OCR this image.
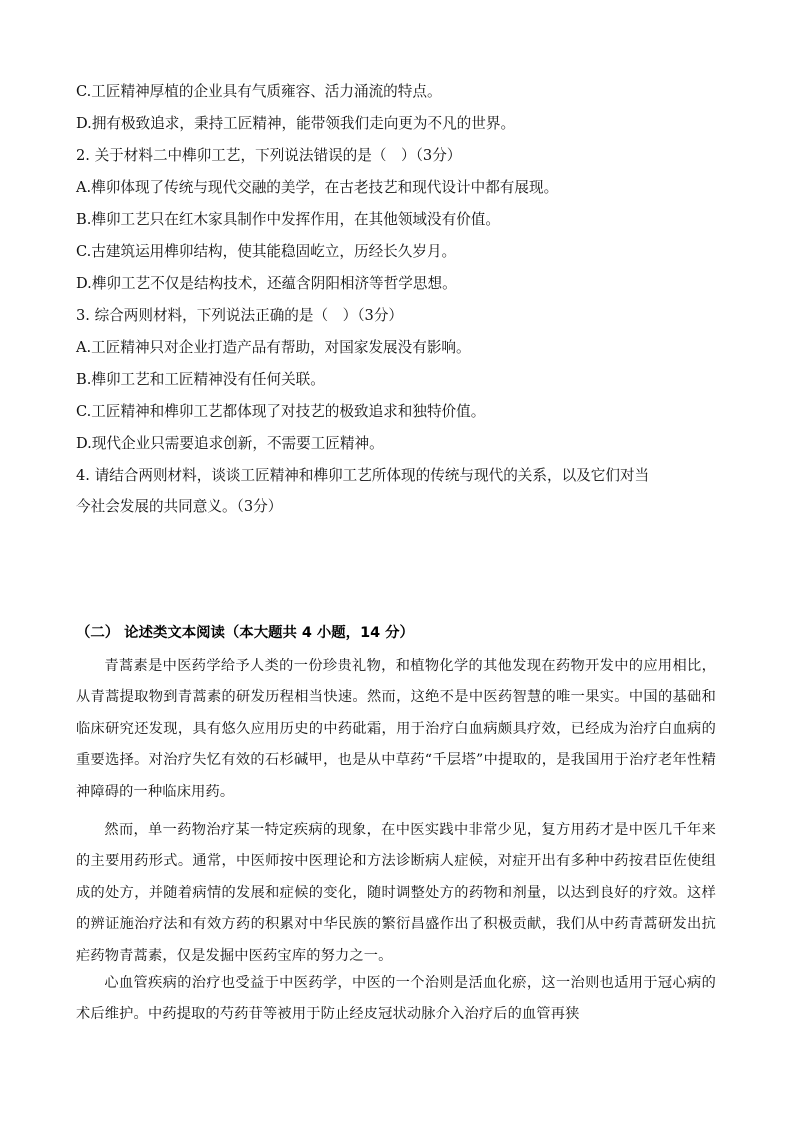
C.工匠精神厚植的企业具有气质雍容、活力涌流的特点。
D.拥有极致追求，秉持工匠精神，能带领我们走向更为不凡的世界。
2. 关于材料二中榫卯工艺，下列说法错误的是（　）（3分）
A.榫卯体现了传统与现代交融的美学，在古老技艺和现代设计中都有展现。
B.榫卯工艺只在红木家具制作中发挥作用，在其他领域没有价值。
C.古建筑运用榫卯结构，使其能稳固屹立，历经长久岁月。
D.榫卯工艺不仅是结构技术，还蕴含阴阳相济等哲学思想。
3. 综合两则材料，下列说法正确的是（　）（3分）
A.工匠精神只对企业打造产品有帮助，对国家发展没有影响。
B.榫卯工艺和工匠精神没有任何关联。
C.工匠精神和榫卯工艺都体现了对技艺的极致追求和独特价值。
D.现代企业只需要追求创新，不需要工匠精神。
4. 请结合两则材料，谈谈工匠精神和榫卯工艺所体现的传统与现代的关系，以及它们对当
今社会发展的共同意义。（3分）
（二） 论述类文本阅读（本大题共 4 小题，14 分）
青蒿素是中医药学给予人类的一份珍贵礼物，和植物化学的其他发现在药物开发中的应用相比，从青蒿提取物到青蒿素的研发历程相当快速。然而，这绝不是中医药智慧的唯一果实。中国的基础和临床研究还发现，具有悠久应用历史的中药砒霜，用于治疗白血病颇具疗效，已经成为治疗白血病的重要选择。对治疗失忆有效的石杉碱甲，也是从中草药“千层塔”中提取的，是我国用于治疗老年性精神障碍的一种临床用药。
然而，单一药物治疗某一特定疾病的现象，在中医实践中非常少见，复方用药才是中医几千年来的主要用药形式。通常，中医师按中医理论和方法诊断病人症候，对症开出有多种中药按君臣佐使组成的处方，并随着病情的发展和症候的变化，随时调整处方的药物和剂量，以达到良好的疗效。这样的辨证施治疗法和有效方药的积累对中华民族的繁衍昌盛作出了积极贡献，我们从中药青蒿研发出抗疟药物青蒿素，仅是发掘中医药宝库的努力之一。
心血管疾病的治疗也受益于中医药学，中医的一个治则是活血化瘀，这一治则也适用于冠心病的术后维护。中药提取的芍药苷等被用于防止经皮冠状动脉介入治疗后的血管再狭
